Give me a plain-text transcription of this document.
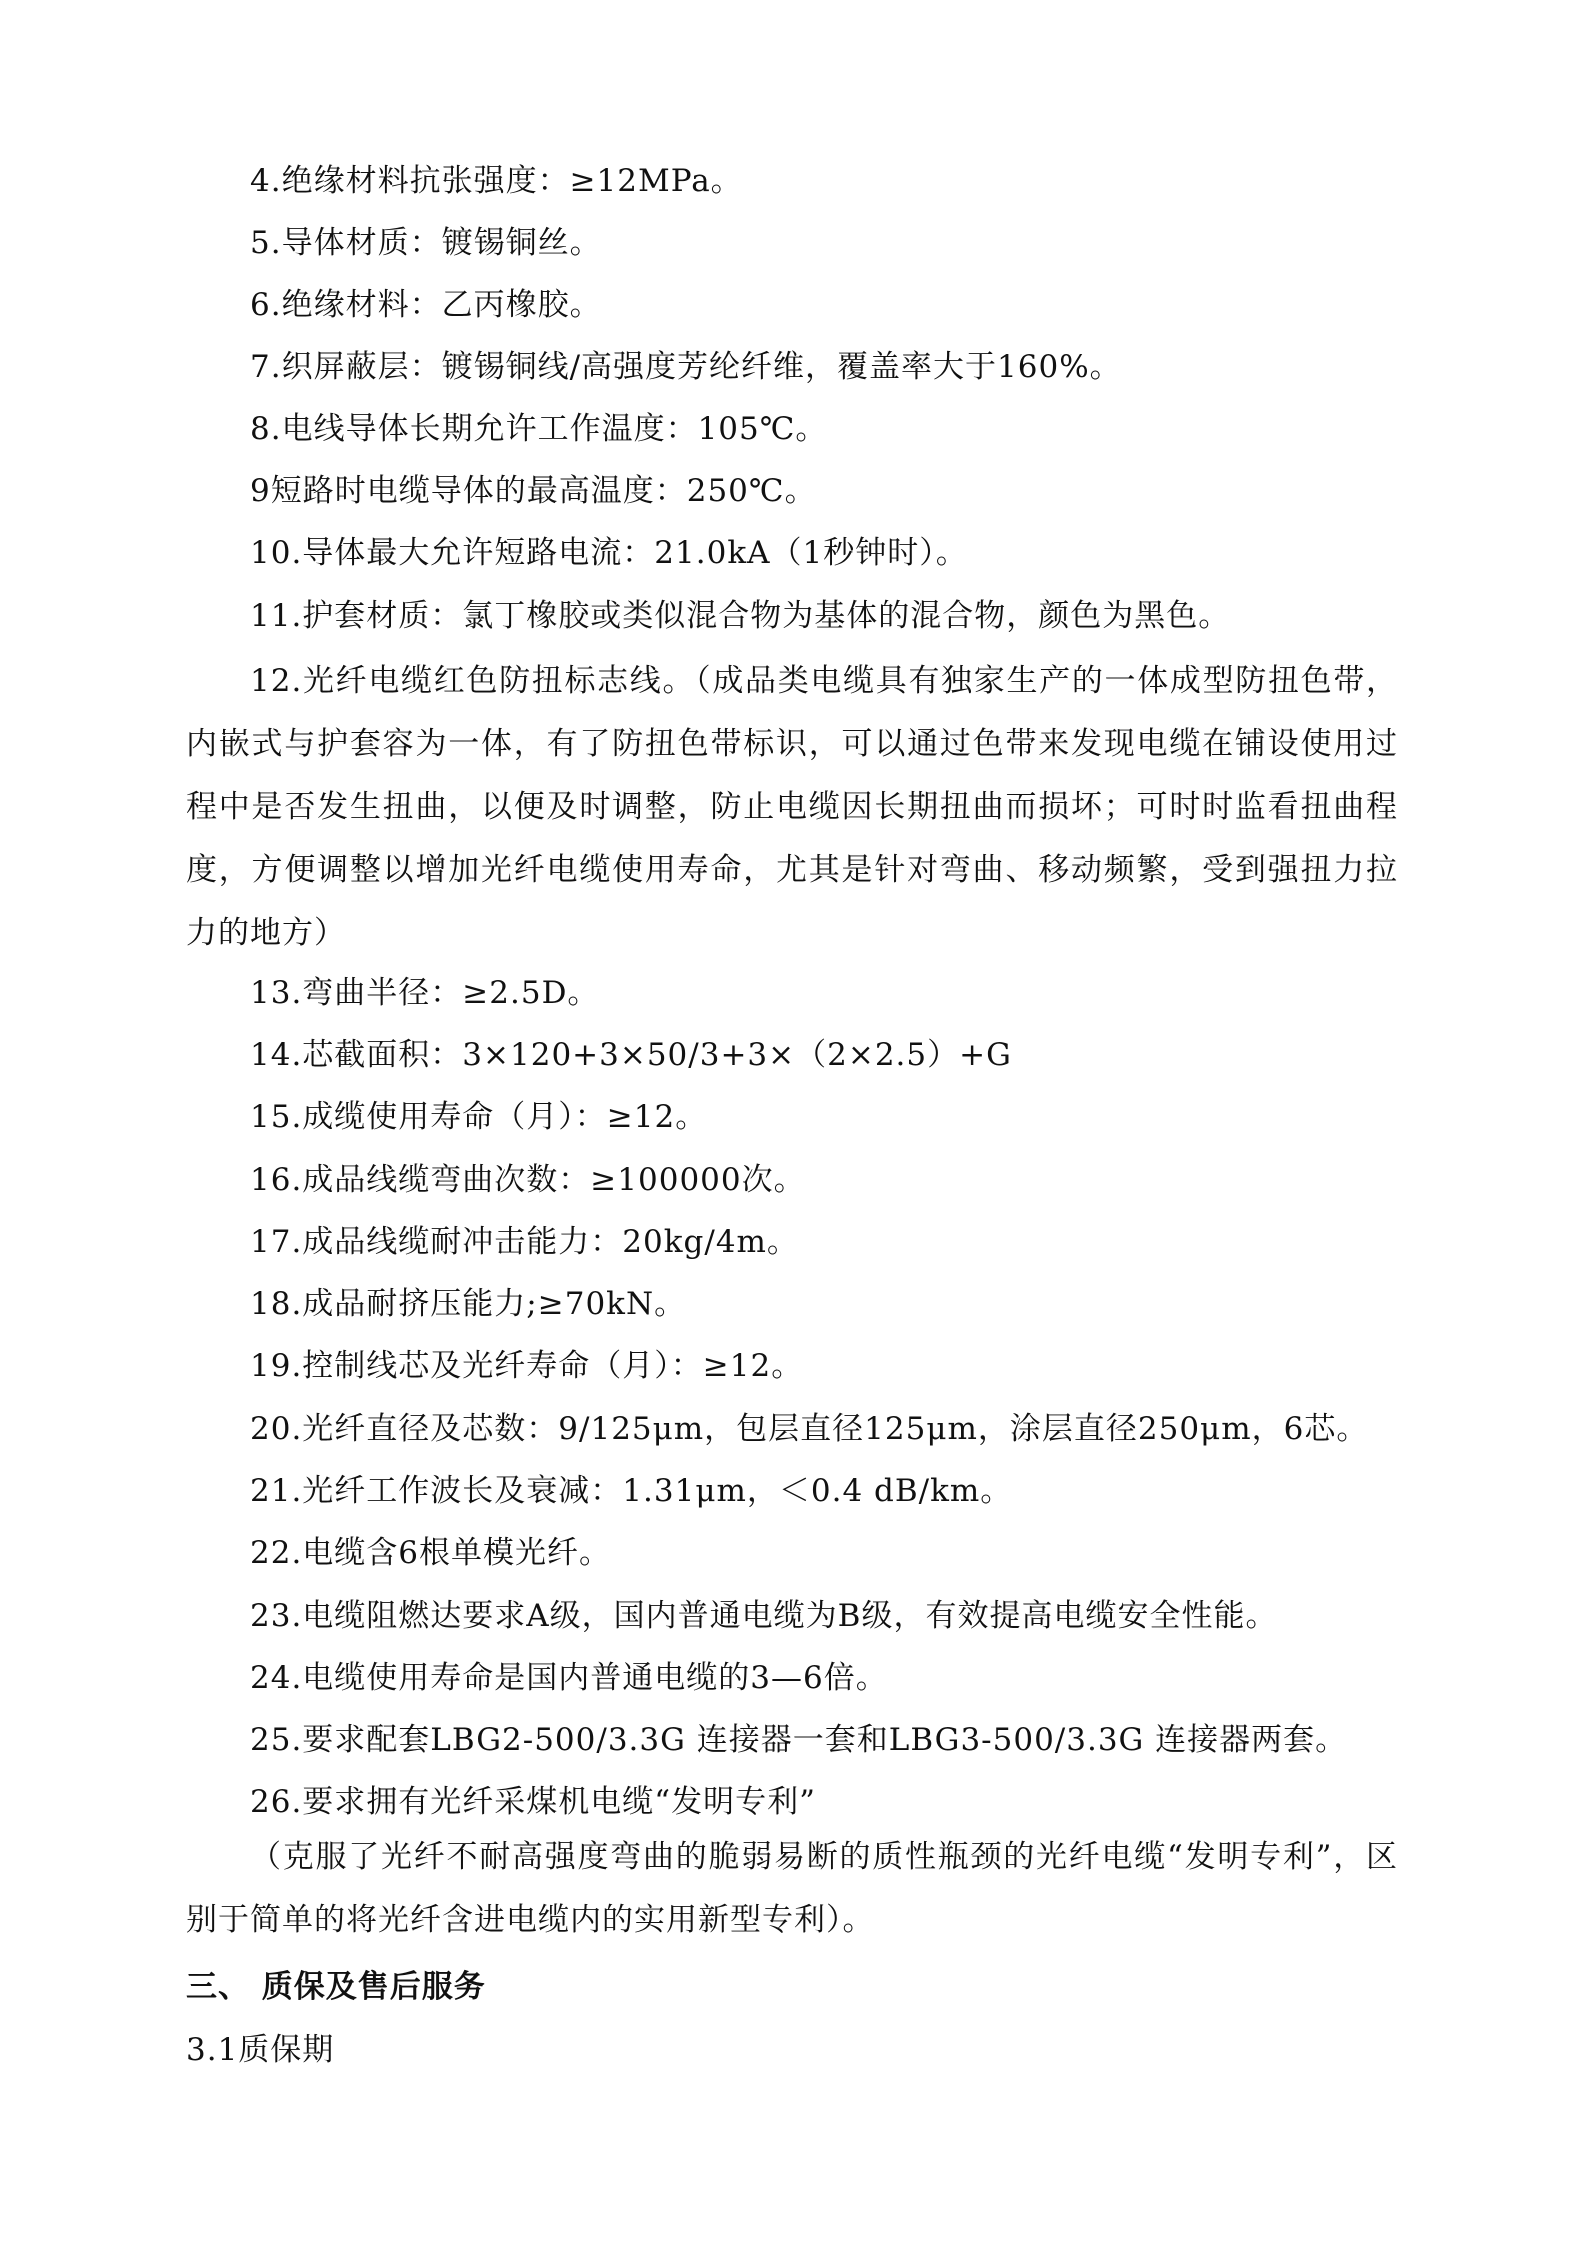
4.绝缘材料抗张强度：≥12MPa。
5.导体材质：镀锡铜丝。
6.绝缘材料：乙丙橡胶。
7.织屏蔽层：镀锡铜线/高强度芳纶纤维，覆盖率大于160%。
8.电线导体长期允许工作温度：105℃。
9短路时电缆导体的最高温度：250℃。
10.导体最大允许短路电流：21.0kA（1秒钟时）。
11.护套材质：氯丁橡胶或类似混合物为基体的混合物，颜色为黑色。
12.光纤电缆红色防扭标志线。（成品类电缆具有独家生产的一体成型防扭色带，内嵌式与护套容为一体，有了防扭色带标识，可以通过色带来发现电缆在铺设使用过程中是否发生扭曲，以便及时调整，防止电缆因长期扭曲而损坏；可时时监看扭曲程度，方便调整以增加光纤电缆使用寿命，尤其是针对弯曲、移动频繁，受到强扭力拉力的地方）
13.弯曲半径：≥2.5D。
14.芯截面积：3×120+3×50/3+3×（2×2.5）+G
15.成缆使用寿命（月）：≥12。
16.成品线缆弯曲次数：≥100000次。
17.成品线缆耐冲击能力：20kg/4m。
18.成品耐挤压能力;≥70kN。
19.控制线芯及光纤寿命（月）：≥12。
20.光纤直径及芯数：9/125μm，包层直径125μm，涂层直径250μm，6芯。
21.光纤工作波长及衰减：1.31μm，＜0.4 dB/km。
22.电缆含6根单模光纤。
23.电缆阻燃达要求A级，国内普通电缆为B级，有效提高电缆安全性能。
24.电缆使用寿命是国内普通电缆的3—6倍。
25.要求配套LBG2-500/3.3G 连接器一套和LBG3-500/3.3G 连接器两套。
26.要求拥有光纤采煤机电缆“发明专利”
（克服了光纤不耐高强度弯曲的脆弱易断的质性瓶颈的光纤电缆“发明专利”，区别于简单的将光纤含进电缆内的实用新型专利）。
三、 质保及售后服务
3.1质保期
